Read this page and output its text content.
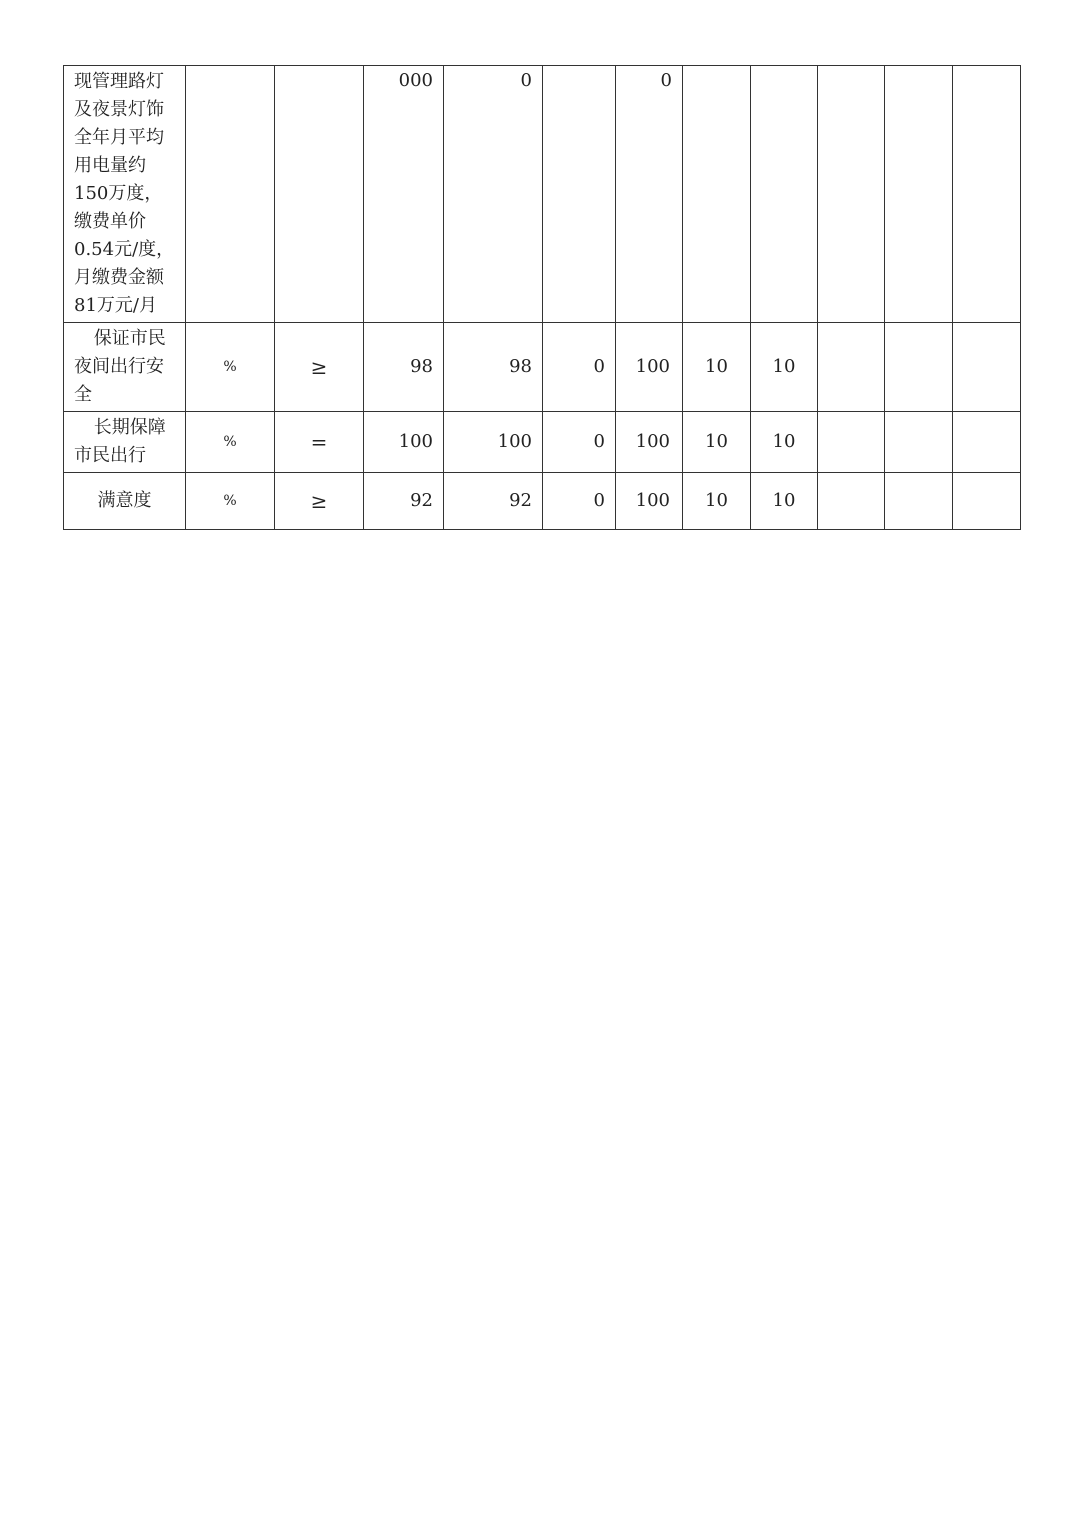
现管理路灯及夜景灯饰全年月平均用电量约150万度，缴费单价0.54元/度，月缴费金额81万元/月			000	0		0					
保证市民夜间出行安全	%	≥	98	98	0	100	10	10			
长期保障市民出行	%	=	100	100	0	100	10	10			
满意度	%	≥	92	92	0	100	10	10			
